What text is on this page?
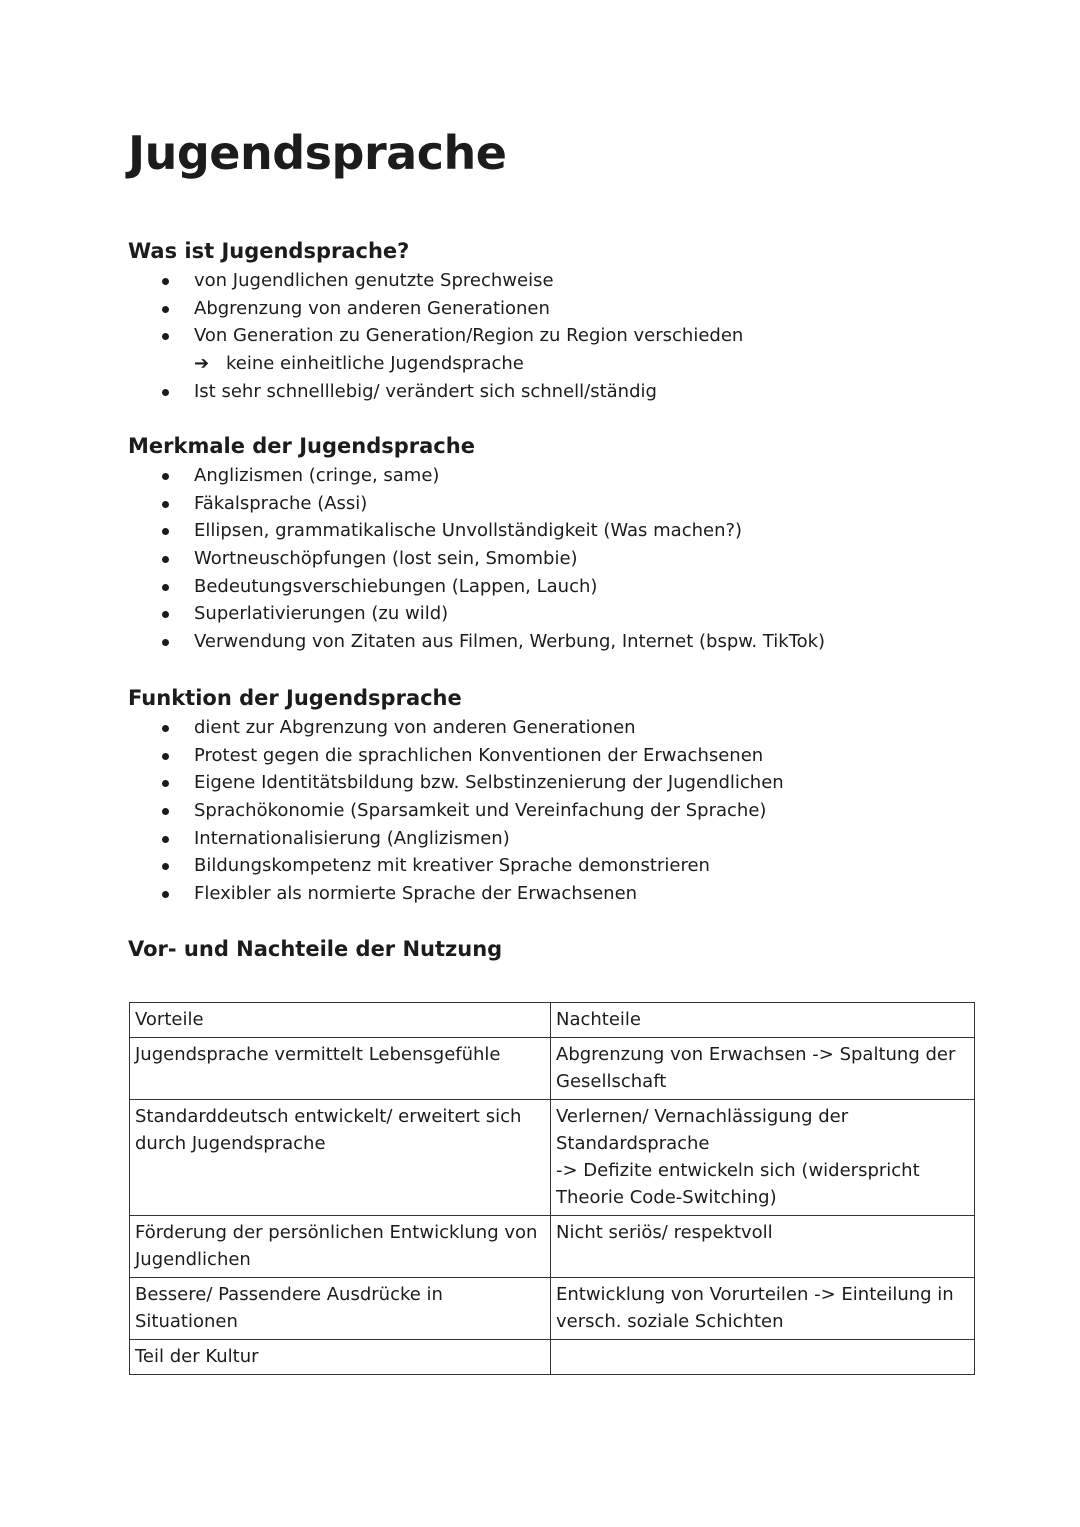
Jugendsprache
Was ist Jugendsprache?
von Jugendlichen genutzte Sprechweise
Abgrenzung von anderen Generationen
Von Generation zu Generation/Region zu Region verschieden
➔ keine einheitliche Jugendsprache
Ist sehr schnelllebig/ verändert sich schnell/ständig
Merkmale der Jugendsprache
Anglizismen (cringe, same)
Fäkalsprache (Assi)
Ellipsen, grammatikalische Unvollständigkeit (Was machen?)
Wortneuschöpfungen (lost sein, Smombie)
Bedeutungsverschiebungen (Lappen, Lauch)
Superlativierungen (zu wild)
Verwendung von Zitaten aus Filmen, Werbung, Internet (bspw. TikTok)
Funktion der Jugendsprache
dient zur Abgrenzung von anderen Generationen
Protest gegen die sprachlichen Konventionen der Erwachsenen
Eigene Identitätsbildung bzw. Selbstinzenierung der Jugendlichen
Sprachökonomie (Sparsamkeit und Vereinfachung der Sprache)
Internationalisierung (Anglizismen)
Bildungskompetenz mit kreativer Sprache demonstrieren
Flexibler als normierte Sprache der Erwachsenen
Vor- und Nachteile der Nutzung
Vorteile	Nachteile
Jugendsprache vermittelt Lebensgefühle	Abgrenzung von Erwachsen -> Spaltung der Gesellschaft
Standarddeutsch entwickelt/ erweitert sich durch Jugendsprache	Verlernen/ Vernachlässigung der Standardsprache
-> Defizite entwickeln sich (widerspricht Theorie Code-Switching)

Förderung der persönlichen Entwicklung von Jugendlichen	Nicht seriös/ respektvoll
Bessere/ Passendere Ausdrücke in Situationen	Entwicklung von Vorurteilen -> Einteilung in versch. soziale Schichten
Teil der Kultur	
